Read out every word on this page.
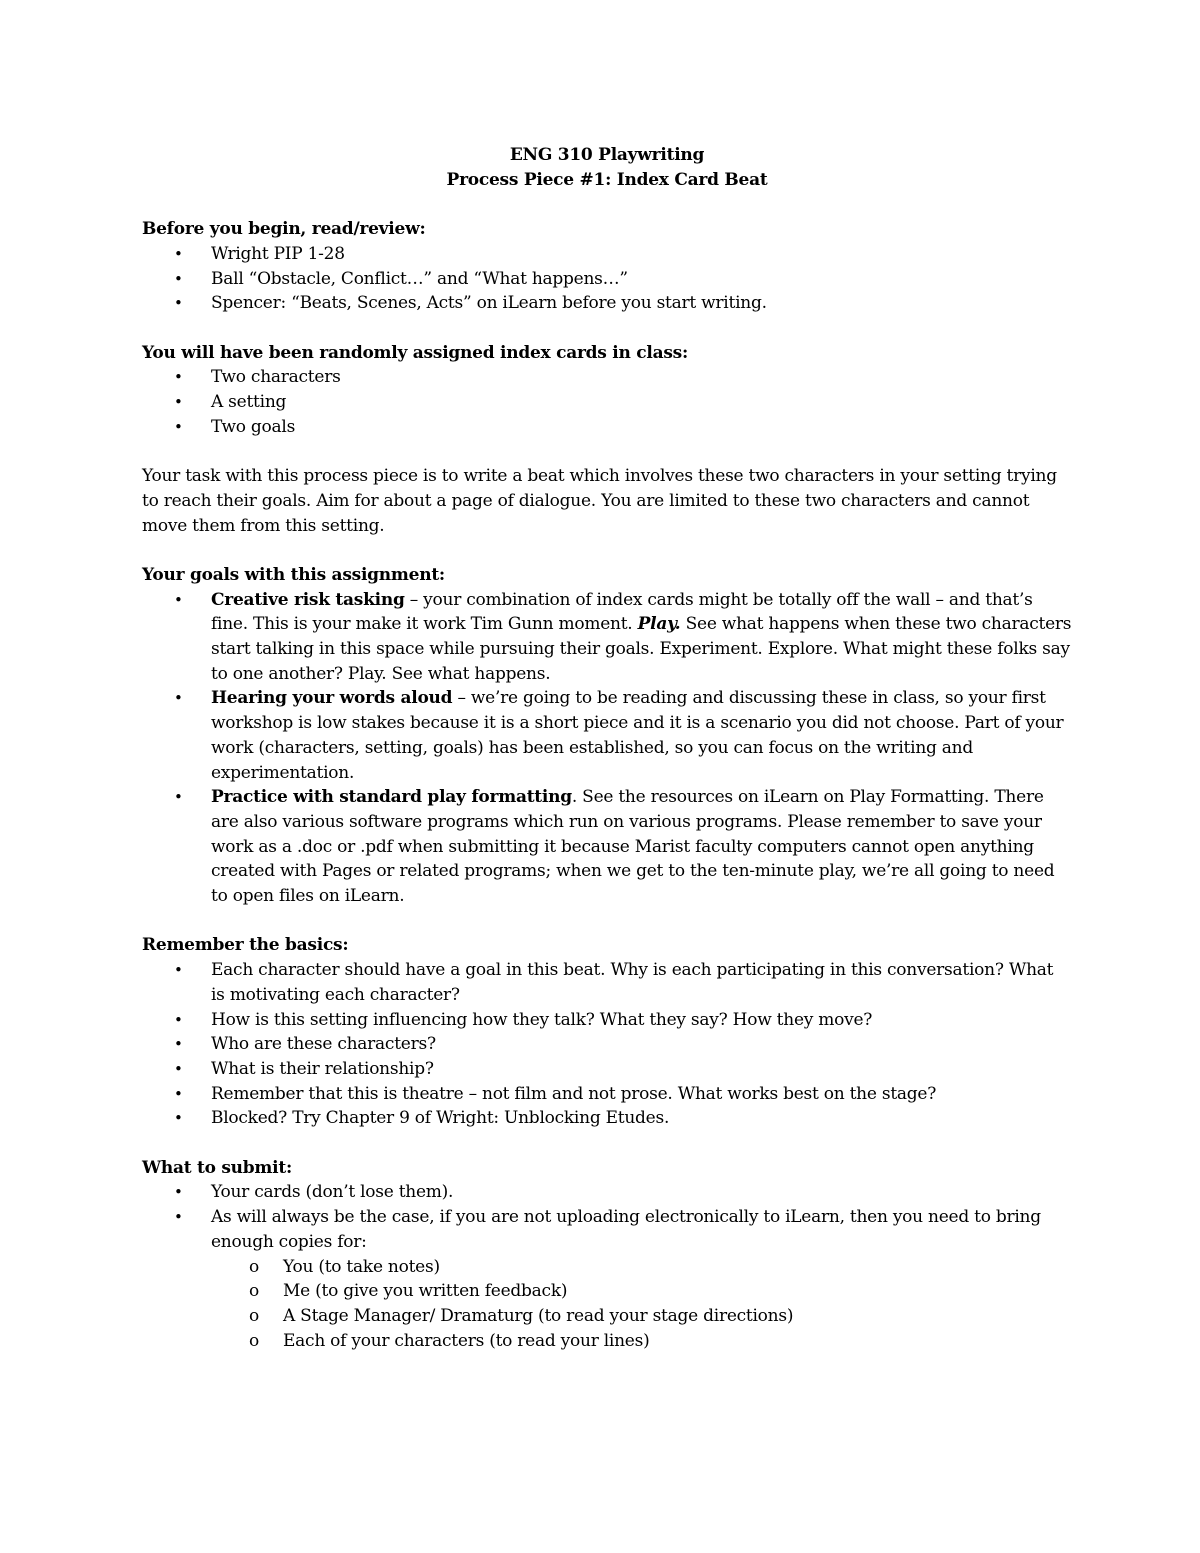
ENG 310 Playwriting

Process Piece #1: Index Card Beat

Before you begin, read/review:

• Wright PIP 1-28
• Ball “Obstacle, Conflict…” and “What happens…”
• Spencer: “Beats, Scenes, Acts” on iLearn before you start writing.

You will have been randomly assigned index cards in class:

• Two characters
• A setting
• Two goals

Your task with this process piece is to write a beat which involves these two characters in your setting trying to reach their goals. Aim for about a page of dialogue. You are limited to these two characters and cannot move them from this setting.

Your goals with this assignment:

• Creative risk tasking – your combination of index cards might be totally off the wall – and that’s fine. This is your make it work Tim Gunn moment. Play. See what happens when these two characters start talking in this space while pursuing their goals. Experiment. Explore. What might these folks say to one another? Play. See what happens.
• Hearing your words aloud – we’re going to be reading and discussing these in class, so your first workshop is low stakes because it is a short piece and it is a scenario you did not choose. Part of your work (characters, setting, goals) has been established, so you can focus on the writing and experimentation.
• Practice with standard play formatting. See the resources on iLearn on Play Formatting. There are also various software programs which run on various programs. Please remember to save your work as a .doc or .pdf when submitting it because Marist faculty computers cannot open anything created with Pages or related programs; when we get to the ten-minute play, we’re all going to need to open files on iLearn.

Remember the basics:

• Each character should have a goal in this beat. Why is each participating in this conversation? What is motivating each character?
• How is this setting influencing how they talk? What they say? How they move?
• Who are these characters?
• What is their relationship?
• Remember that this is theatre – not film and not prose. What works best on the stage?
• Blocked? Try Chapter 9 of Wright: Unblocking Etudes.

What to submit:

• Your cards (don’t lose them).
• As will always be the case, if you are not uploading electronically to iLearn, then you need to bring enough copies for:
o You (to take notes)
o Me (to give you written feedback)
o A Stage Manager/ Dramaturg (to read your stage directions)
o Each of your characters (to read your lines)
